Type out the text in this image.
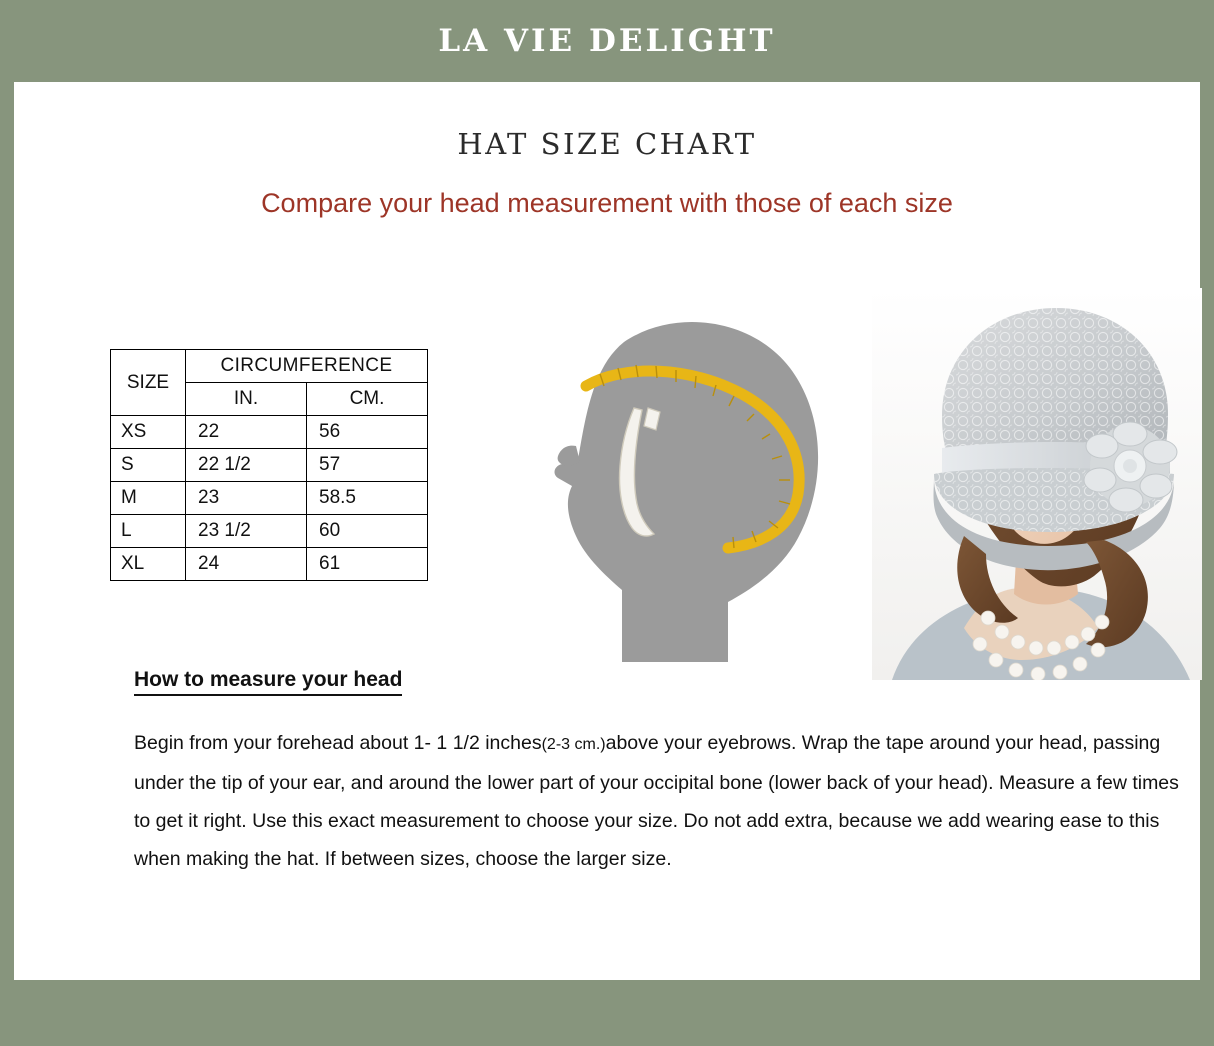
LA VIE DELIGHT
HAT SIZE CHART
Compare your head measurement with those of each size
SIZE	CIRCUMFERENCE	
	IN.	CM.
XS	22	56
S	22 1/2	57
M	23	58.5
L	23 1/2	60
XL	24	61
How to measure your head
Begin from your forehead about 1- 1 1/2 inches(2-3 cm.)above your eyebrows. Wrap the tape around your head, passing under the tip of your ear, and around the lower part of your occipital bone (lower back of your head). Measure a few times to get it right. Use this exact measurement to choose your size. Do not add extra, because we add wearing ease to this when making the hat. If between sizes, choose the larger size.
